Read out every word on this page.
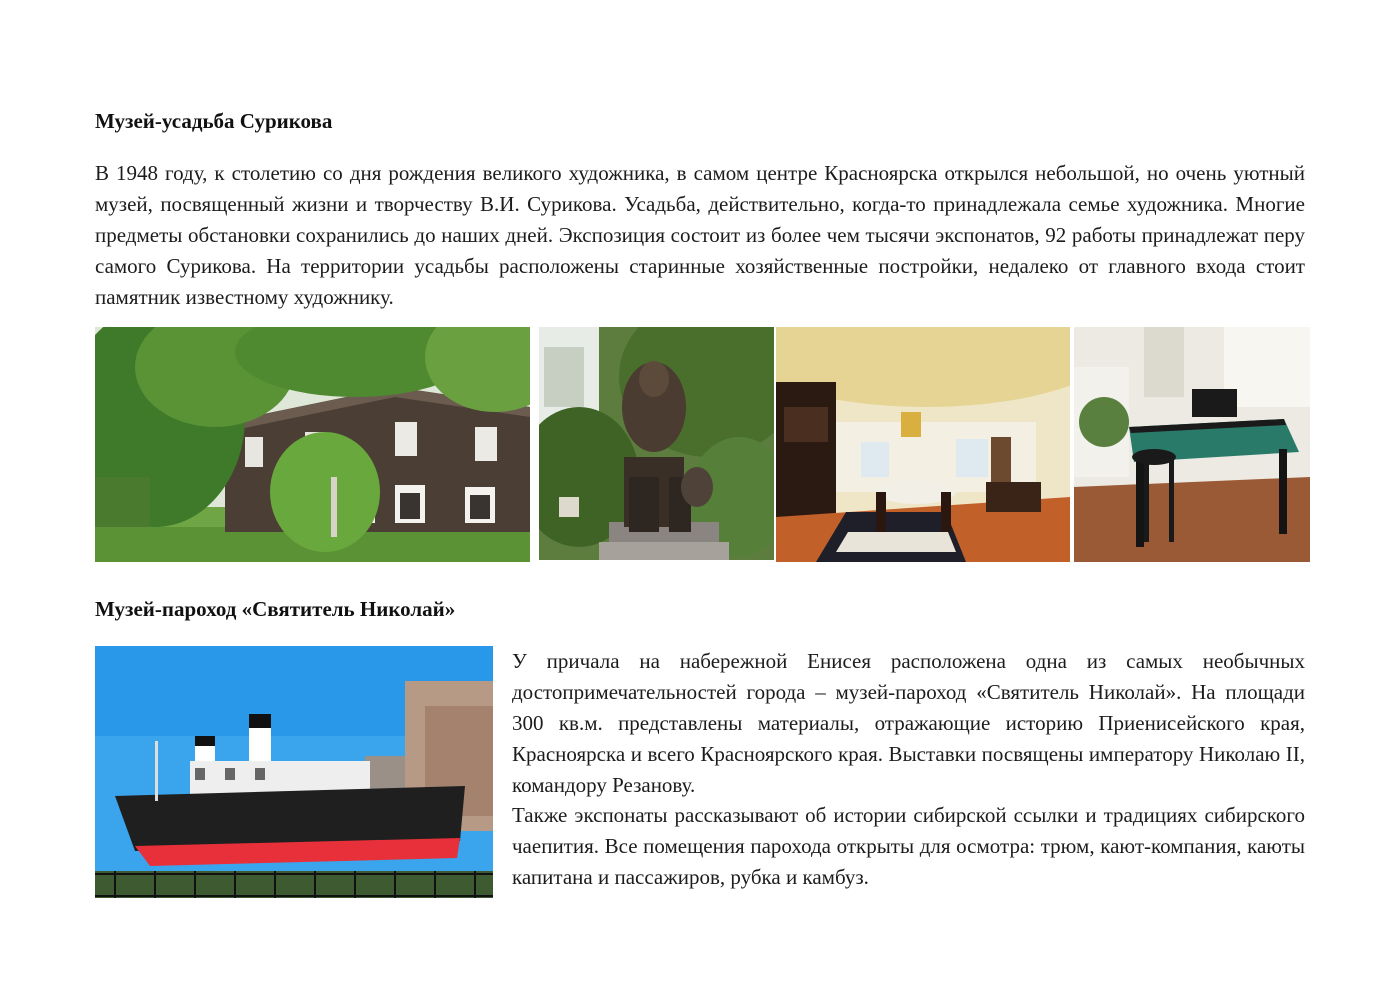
Музей-усадьба Сурикова

В 1948 году, к столетию со дня рождения великого художника, в самом центре Красноярска открылся небольшой, но очень уютный музей, посвященный жизни и творчеству В.И. Сурикова. Усадьба, действительно, когда-то принадлежала семье художника. Многие предметы обстановки сохранились до наших дней. Экспозиция состоит из более чем тысячи экспонатов, 92 работы принадлежат перу самого Сурикова. На территории усадьбы расположены старинные хозяйственные постройки, недалеко от главного входа стоит памятник известному художнику.

Музей-пароход «Святитель Николай»

У причала на набережной Енисея расположена одна из самых необычных достопримечательностей города – музей-пароход «Святитель Николай». На площади 300 кв.м. представлены материалы, отражающие историю Приенисейского края, Красноярска и всего Красноярского края. Выставки посвящены императору Николаю II, командору Резанову.

Также экспонаты рассказывают об истории сибирской ссылки и традициях сибирского чаепития. Все помещения парохода открыты для осмотра: трюм, кают-компания, каюты капитана и пассажиров, рубка и камбуз.
